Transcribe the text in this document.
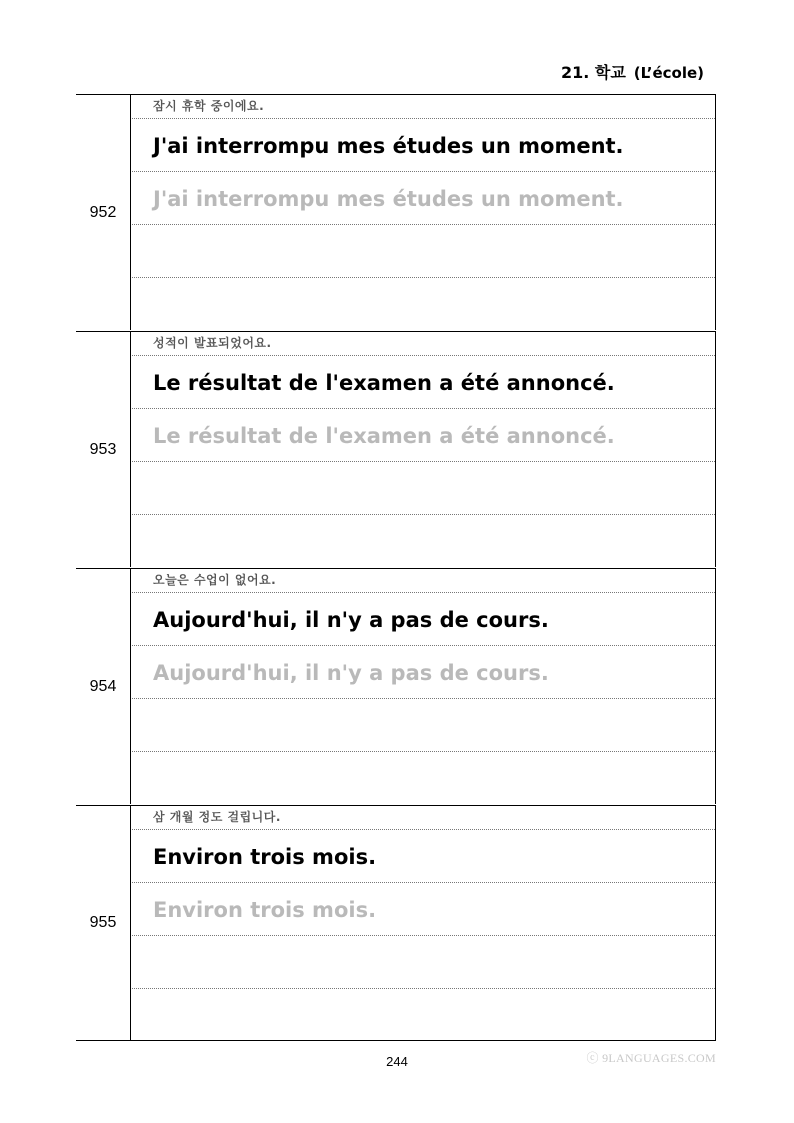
21. 학교 (L’école)
952
잠시 휴학 중이에요.
J'ai interrompu mes études un moment.
J'ai interrompu mes études un moment.
953
성적이 발표되었어요.
Le résultat de l'examen a été annoncé.
Le résultat de l'examen a été annoncé.
954
오늘은 수업이 없어요.
Aujourd'hui, il n'y a pas de cours.
Aujourd'hui, il n'y a pas de cours.
955
삼 개월 정도 걸립니다.
Environ trois mois.
Environ trois mois.
244	ⓒ 9LANGUAGES.COM
